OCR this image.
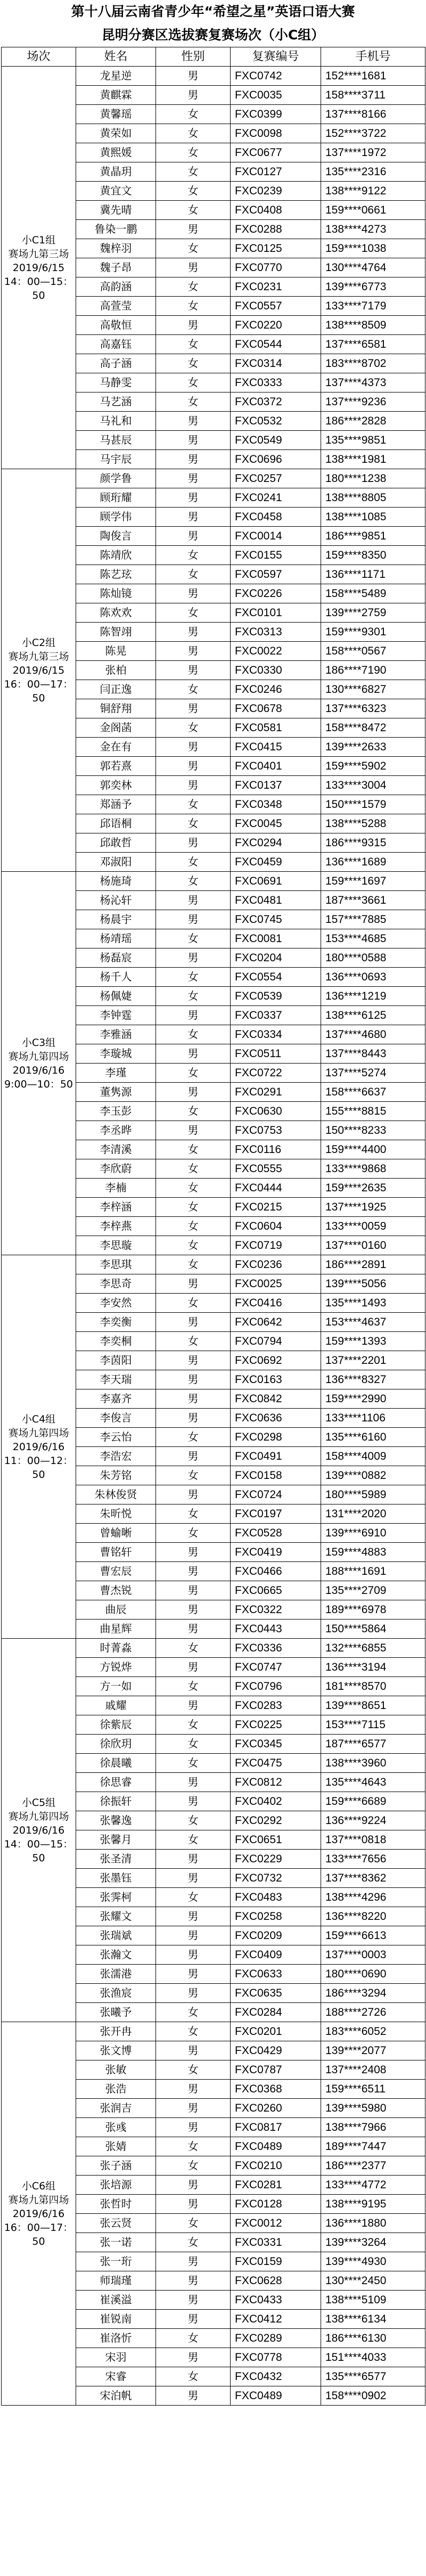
第十八届云南省青少年“希望之星”英语口语大赛
昆明分赛区选拔赛复赛场次（小C组）
场次	姓名	性别	复赛编号	手机号

小C1组
赛场九第三场
2019/6/15
14：00—15：50	龙星逆	男	FXC0742	152****1681
	黄麒霖	男	FXC0035	158****3711
	黄馨瑶	女	FXC0399	137****8166
	黄荣如	女	FXC0098	152****3722
	黄熙媛	女	FXC0677	137****1972
	黄晶玥	女	FXC0127	135****2316
	黄宜文	女	FXC0239	138****9122
	冀先晴	女	FXC0408	159****0661
	鲁染一鹏	男	FXC0288	138****4273
	魏梓羽	女	FXC0125	159****1038
	魏子昂	男	FXC0770	130****4764
	高韵涵	女	FXC0231	139****6773
	高萱莹	女	FXC0557	133****7179
	高敬恒	男	FXC0220	138****8509
	高嘉钰	女	FXC0544	137****6581
	高子涵	女	FXC0314	183****8702
	马静雯	女	FXC0333	137****4373
	马艺涵	女	FXC0372	137****9236
	马礼和	男	FXC0532	186****2828
	马甚辰	男	FXC0549	135****9851
	马宇辰	男	FXC0696	138****1981

小C2组
赛场九第三场
2019/6/15
16：00—17：50	颜学鲁	男	FXC0257	180****1238
	顾珩耀	男	FXC0241	138****8805
	顾学伟	男	FXC0458	138****1085
	陶俊言	男	FXC0014	186****9851
	陈靖欣	女	FXC0155	159****8350
	陈艺玹	女	FXC0597	136****1171
	陈灿镜	男	FXC0226	158****5489
	陈欢欢	女	FXC0101	139****2759
	陈智翊	男	FXC0313	159****9301
	陈晃	男	FXC0022	158****0567
	张柏	男	FXC0330	186****7190
	闫正逸	女	FXC0246	130****6827
	铜舒翔	男	FXC0678	137****6323
	金阁菡	女	FXC0581	158****8472
	金在有	男	FXC0415	139****2633
	郭若熹	男	FXC0401	159****5902
	郭奕林	男	FXC0137	133****3004
	郑涵予	女	FXC0348	150****1579
	邱语桐	女	FXC0045	138****5288
	邱敢哲	男	FXC0294	186****9315
	邓淑阳	女	FXC0459	136****1689

小C3组
赛场九第四场
2019/6/16
9:00—10：50	杨施琦	女	FXC0691	159****1697
	杨沁轩	男	FXC0481	187****3661
	杨晨宇	男	FXC0745	157****7885
	杨靖瑶	女	FXC0081	153****4685
	杨磊宸	男	FXC0204	180****0588
	杨千人	女	FXC0554	136****0693
	杨佩婕	女	FXC0539	136****1219
	李钟霆	男	FXC0337	138****6125
	李雅涵	女	FXC0334	137****4680
	李璇城	男	FXC0511	137****8443
	李瑾	女	FXC0722	137****5274
	董隽源	男	FXC0291	158****6637
	李玉彭	女	FXC0630	155****8815
	李丞晔	男	FXC0753	150****8233
	李清溪	女	FXC0116	159****4400
	李欣蔚	女	FXC0555	133****9868
	李楠	女	FXC0444	159****2635
	李梓涵	女	FXC0215	137****1925
	李梓燕	女	FXC0604	133****0059
	李思璇	女	FXC0719	137****0160

小C4组
赛场九第四场
2019/6/16
11：00—12：50	李思琪	女	FXC0236	186****2891
	李思奇	男	FXC0025	139****5056
	李安然	女	FXC0416	135****1493
	李奕衡	男	FXC0642	153****4637
	李奕桐	女	FXC0794	159****1393
	李茵阳	男	FXC0692	137****2201
	李天瑞	男	FXC0163	136****8327
	李嘉齐	男	FXC0842	159****2990
	李俊言	男	FXC0636	133****1106
	李云怡	女	FXC0298	135****6160
	李浩宏	男	FXC0491	158****4009
	朱芳铭	女	FXC0158	139****0882
	朱林俊贤	男	FXC0724	180****5989
	朱昕悦	女	FXC0197	131****2020
	曾蝓晰	女	FXC0528	139****6910
	曹铭轩	男	FXC0419	159****4883
	曹宏辰	男	FXC0466	188****1691
	曹杰锐	男	FXC0665	135****2709
	曲辰	男	FXC0322	189****6978
	曲星辉	男	FXC0443	150****5864

小C5组
赛场九第四场
2019/6/16
14：00—15：50	时菁淼	女	FXC0336	132****6855
	方锐烨	男	FXC0747	136****3194
	方一如	女	FXC0796	181****8570
	戚耀	男	FXC0283	139****8651
	徐紫辰	女	FXC0225	153****7115
	徐欣玥	女	FXC0345	187****6577
	徐晨曦	女	FXC0475	138****3960
	徐思睿	男	FXC0812	135****4643
	徐振轩	男	FXC0402	159****6689
	张馨逸	女	FXC0292	136****9224
	张馨月	女	FXC0651	137****0818
	张圣清	男	FXC0229	133****7656
	张墨钰	男	FXC0732	137****8362
	张霁柯	女	FXC0483	138****4296
	张耀文	男	FXC0258	136****8220
	张瑞斌	男	FXC0209	159****6613
	张瀚文	男	FXC0409	137****0003
	张濡港	男	FXC0633	180****0690
	张渔宸	男	FXC0635	186****3294
	张曦予	女	FXC0284	188****2726

小C6组
赛场九第四场
2019/6/16
16：00—17：50	张开冉	女	FXC0201	183****6052
	张文博	男	FXC0429	139****2077
	张敏	女	FXC0787	137****2408
	张浩	男	FXC0368	159****6511
	张润吉	男	FXC0260	139****5980
	张彧	男	FXC0817	138****7966
	张婧	女	FXC0489	189****7447
	张子涵	女	FXC0210	186****2377
	张培源	男	FXC0281	133****4772
	张哲时	男	FXC0128	138****9195
	张云贤	女	FXC0012	136****1880
	张一诺	女	FXC0331	139****3264
	张一珩	男	FXC0159	139****4930
	师瑞瑾	男	FXC0628	130****2450
	崔溪溢	男	FXC0433	138****5109
	崔锐南	男	FXC0412	138****6134
	崔洛忻	女	FXC0289	186****6130
	宋羽	男	FXC0778	151****4033
	宋睿	女	FXC0432	135****6577
	宋泊帆	男	FXC0489	158****0902
